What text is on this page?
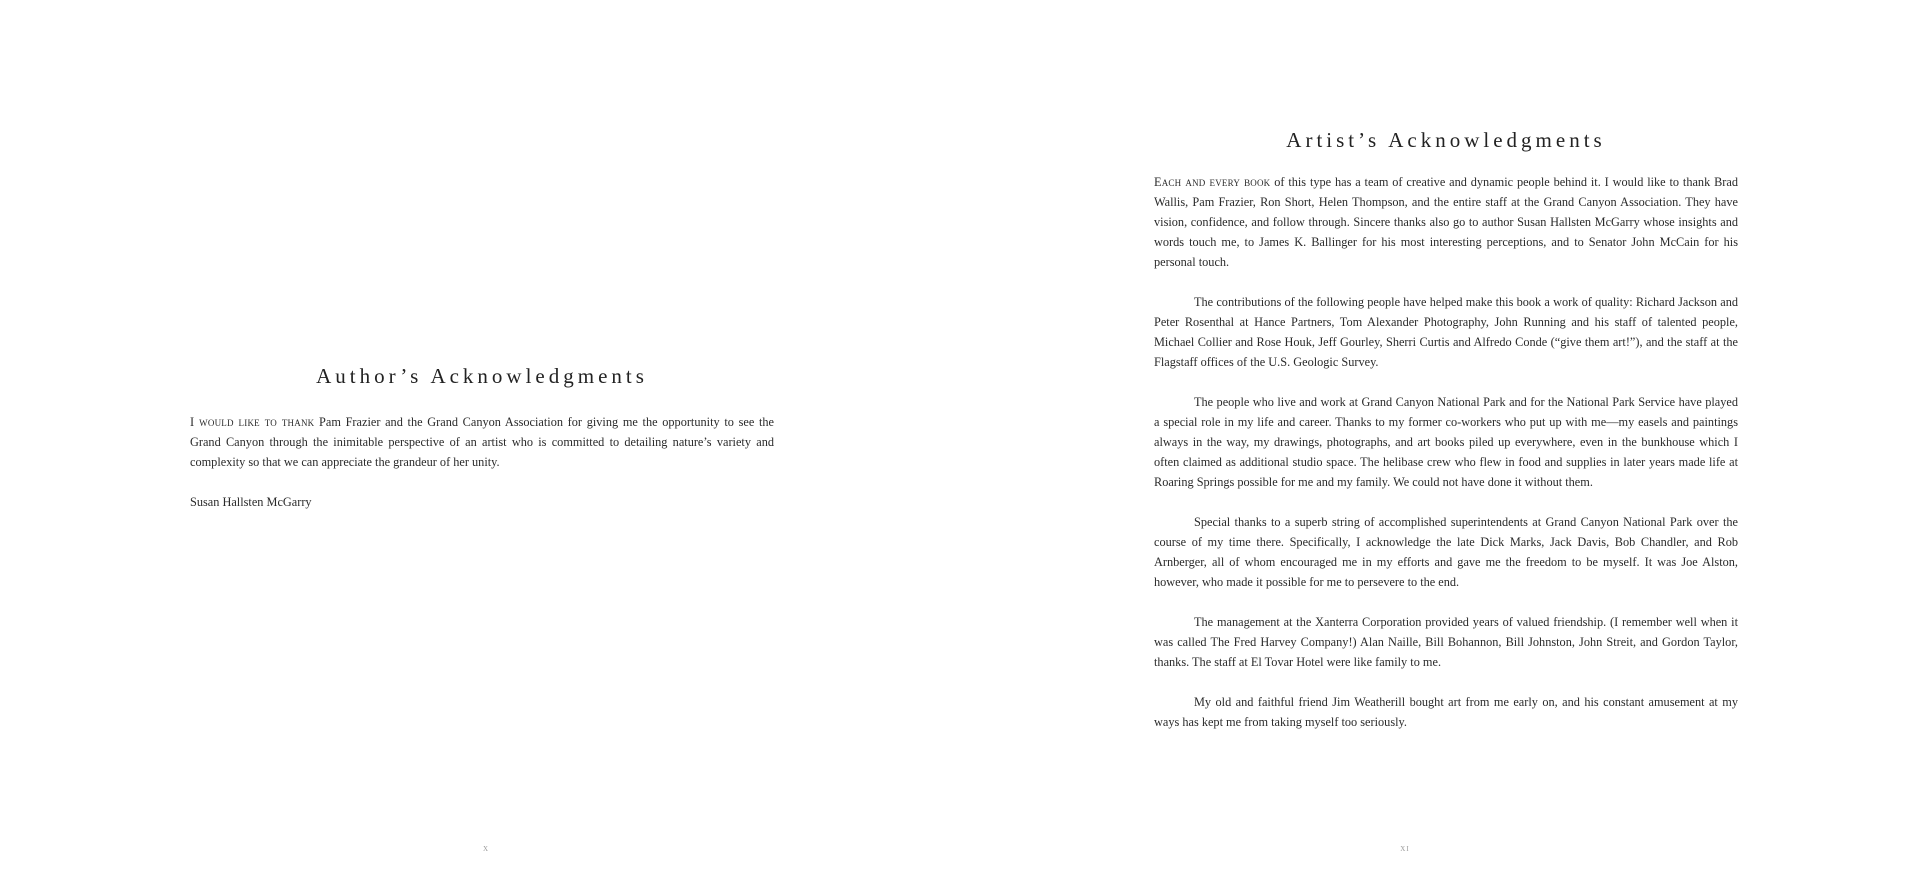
Author’s Acknowledgments

I would like to thank Pam Frazier and the Grand Canyon Association for giving me the opportunity to see the Grand Canyon through the inimitable perspective of an artist who is committed to detailing nature’s variety and complexity so that we can appreciate the grandeur of her unity.

Susan Hallsten McGarry

x
Artist’s Acknowledgments

Each and every book of this type has a team of creative and dynamic people behind it. I would like to thank Brad Wallis, Pam Frazier, Ron Short, Helen Thompson, and the entire staff at the Grand Canyon Association. They have vision, confidence, and follow through. Sincere thanks also go to author Susan Hallsten McGarry whose insights and words touch me, to James K. Ballinger for his most interesting perceptions, and to Senator John McCain for his personal touch.

The contributions of the following people have helped make this book a work of quality: Richard Jackson and Peter Rosenthal at Hance Partners, Tom Alexander Photography, John Running and his staff of talented people, Michael Collier and Rose Houk, Jeff Gourley, Sherri Curtis and Alfredo Conde (“give them art!”), and the staff at the Flagstaff offices of the U.S. Geologic Survey.

The people who live and work at Grand Canyon National Park and for the National Park Service have played a special role in my life and career. Thanks to my former co-workers who put up with me—my easels and paintings always in the way, my drawings, photographs, and art books piled up everywhere, even in the bunkhouse which I often claimed as additional studio space. The helibase crew who flew in food and supplies in later years made life at Roaring Springs possible for me and my family. We could not have done it without them.

Special thanks to a superb string of accomplished superintendents at Grand Canyon National Park over the course of my time there. Specifically, I acknowledge the late Dick Marks, Jack Davis, Bob Chandler, and Rob Arnberger, all of whom encouraged me in my efforts and gave me the freedom to be myself. It was Joe Alston, however, who made it possible for me to persevere to the end.

The management at the Xanterra Corporation provided years of valued friendship. (I remember well when it was called The Fred Harvey Company!) Alan Naille, Bill Bohannon, Bill Johnston, John Streit, and Gordon Taylor, thanks. The staff at El Tovar Hotel were like family to me.

My old and faithful friend Jim Weatherill bought art from me early on, and his constant amusement at my ways has kept me from taking myself too seriously.

xi
